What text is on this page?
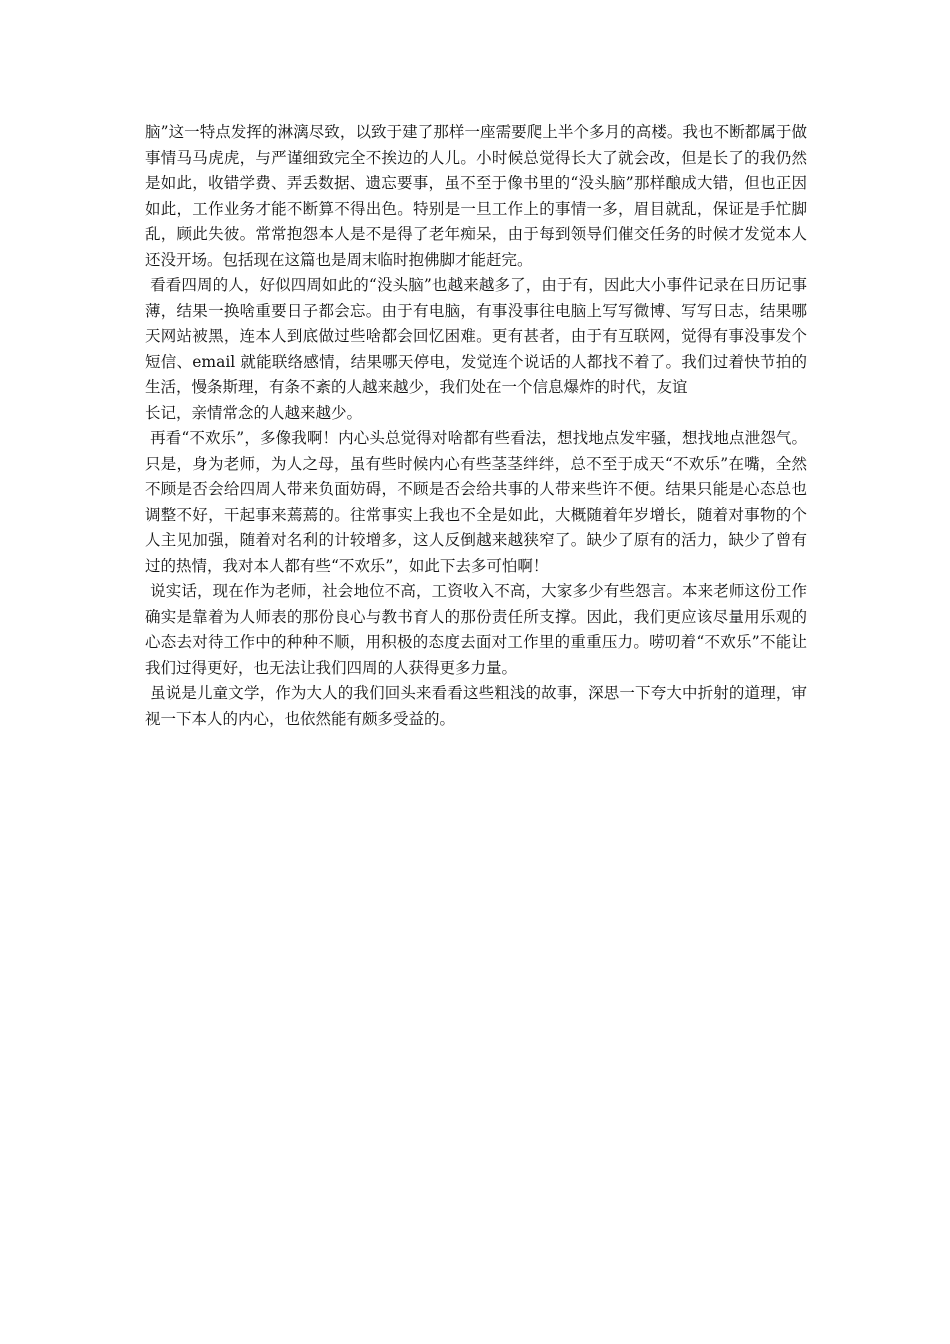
脑”这一特点发挥的淋漓尽致，以致于建了那样一座需要爬上半个多月的高楼。我也不断都属于做事情马马虎虎，与严谨细致完全不挨边的人儿。小时候总觉得长大了就会改，但是长了的我仍然是如此，收错学费、弄丢数据、遗忘要事，虽不至于像书里的“没头脑”那样酿成大错，但也正因如此，工作业务才能不断算不得出色。特别是一旦工作上的事情一多，眉目就乱，保证是手忙脚乱，顾此失彼。常常抱怨本人是不是得了老年痴呆，由于每到领导们催交任务的时候才发觉本人还没开场。包括现在这篇也是周末临时抱佛脚才能赶完。

看看四周的人，好似四周如此的“没头脑”也越来越多了，由于有，因此大小事件记录在日历记事薄，结果一换啥重要日子都会忘。由于有电脑，有事没事往电脑上写写微博、写写日志，结果哪天网站被黑，连本人到底做过些啥都会回忆困难。更有甚者，由于有互联网，觉得有事没事发个短信、email 就能联络感情，结果哪天停电，发觉连个说话的人都找不着了。我们过着快节拍的生活，慢条斯理，有条不紊的人越来越少，我们处在一个信息爆炸的时代，友谊

长记，亲情常念的人越来越少。

再看“不欢乐”，多像我啊！内心头总觉得对啥都有些看法，想找地点发牢骚，想找地点泄怨气。只是，身为老师，为人之母，虽有些时候内心有些茎茎绊绊，总不至于成天“不欢乐”在嘴，全然不顾是否会给四周人带来负面妨碍，不顾是否会给共事的人带来些许不便。结果只能是心态总也调整不好，干起事来蔫蔫的。往常事实上我也不全是如此，大概随着年岁增长，随着对事物的个人主见加强，随着对名利的计较增多，这人反倒越来越狭窄了。缺少了原有的活力，缺少了曾有过的热情，我对本人都有些“不欢乐”，如此下去多可怕啊！

说实话，现在作为老师，社会地位不高，工资收入不高，大家多少有些怨言。本来老师这份工作确实是靠着为人师表的那份良心与教书育人的那份责任所支撑。因此，我们更应该尽量用乐观的心态去对待工作中的种种不顺，用积极的态度去面对工作里的重重压力。唠叨着“不欢乐”不能让我们过得更好，也无法让我们四周的人获得更多力量。

虽说是儿童文学，作为大人的我们回头来看看这些粗浅的故事，深思一下夸大中折射的道理，审视一下本人的内心，也依然能有颇多受益的。
